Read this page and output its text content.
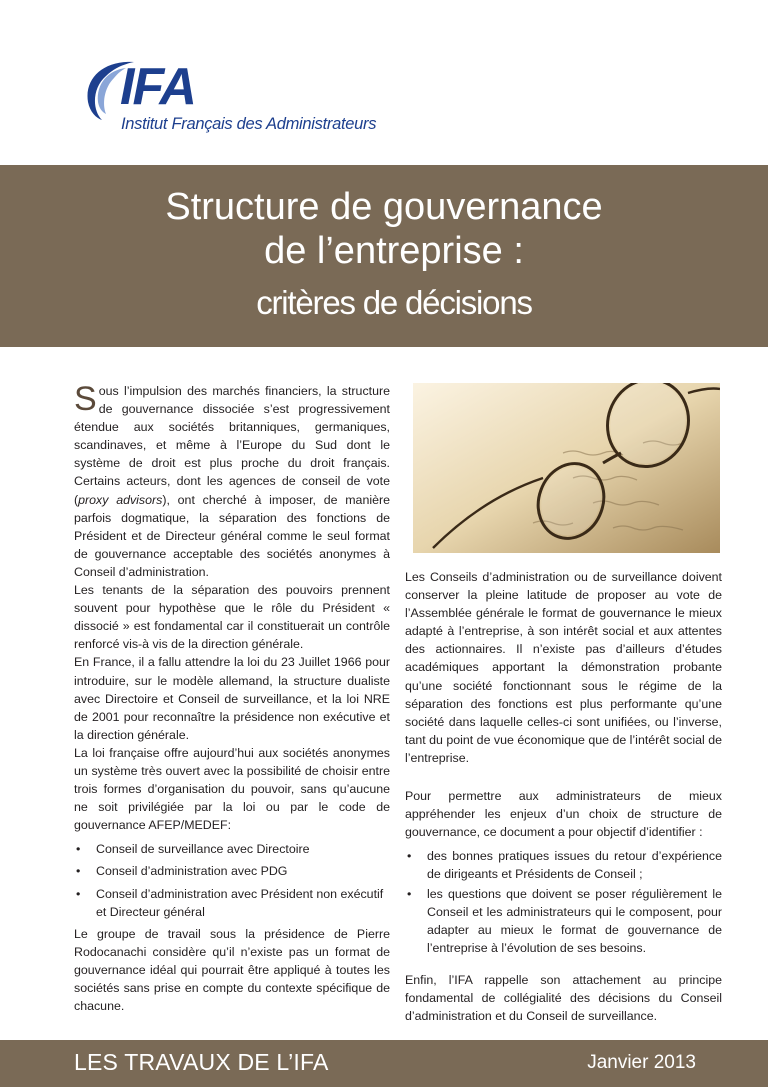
IFA
Institut Français des Administrateurs
Structure de gouvernance
de l’entreprise :
critères de décisions

Sous l’impulsion des marchés financiers, la structure de gouvernance dissociée s’est progressivement étendue aux sociétés britanniques, germaniques, scandinaves, et même à l’Europe du Sud dont le système de droit est plus proche du droit français. Certains acteurs, dont les agences de conseil de vote (proxy advisors), ont cherché à imposer, de manière parfois dogmatique, la séparation des fonctions de Président et de Directeur général comme le seul format de gouvernance acceptable des sociétés anonymes à Conseil d’administration.

Les tenants de la séparation des pouvoirs prennent souvent pour hypothèse que le rôle du Président « dissocié » est fondamental car il constituerait un contrôle renforcé vis-à vis de la direction générale.

En France, il a fallu attendre la loi du 23 Juillet 1966 pour introduire, sur le modèle allemand, la structure dualiste avec Directoire et Conseil de surveillance, et la loi NRE de 2001 pour reconnaître la présidence non exécutive et la direction générale.

La loi française offre aujourd’hui aux sociétés anonymes un système très ouvert avec la possibilité de choisir entre trois formes d’organisation du pouvoir, sans qu’aucune ne soit privilégiée par la loi ou par le code de gouvernance AFEP/MEDEF:

• Conseil de surveillance avec Directoire
• Conseil d’administration avec PDG
• Conseil d’administration avec Président non exécutif et Directeur général

Le groupe de travail sous la présidence de Pierre Rodocanachi considère qu’il n’existe pas un format de gouvernance idéal qui pourrait être appliqué à toutes les sociétés sans prise en compte du contexte spécifique de chacune.

Les Conseils d’administration ou de surveillance doivent conserver la pleine latitude de proposer au vote de l’Assemblée générale le format de gouvernance le mieux adapté à l’entreprise, à son intérêt social et aux attentes des actionnaires. Il n’existe pas d’ailleurs d’études académiques apportant la démonstration probante qu’une société fonctionnant sous le régime de la séparation des fonctions est plus performante qu’une société dans laquelle celles-ci sont unifiées, ou l’inverse, tant du point de vue économique que de l’intérêt social de l’entreprise.

Pour permettre aux administrateurs de mieux appréhender les enjeux d’un choix de structure de gouvernance, ce document a pour objectif d’identifier :

• des bonnes pratiques issues du retour d’expérience de dirigeants et Présidents de Conseil ;
• les questions que doivent se poser régulièrement le Conseil et les administrateurs qui le composent, pour adapter au mieux le format de gouvernance de l’entreprise à l’évolution de ses besoins.

Enfin, l’IFA rappelle son attachement au principe fondamental de collégialité des décisions du Conseil d’administration et du Conseil de surveillance.

LES TRAVAUX DE L’IFA	Janvier 2013
